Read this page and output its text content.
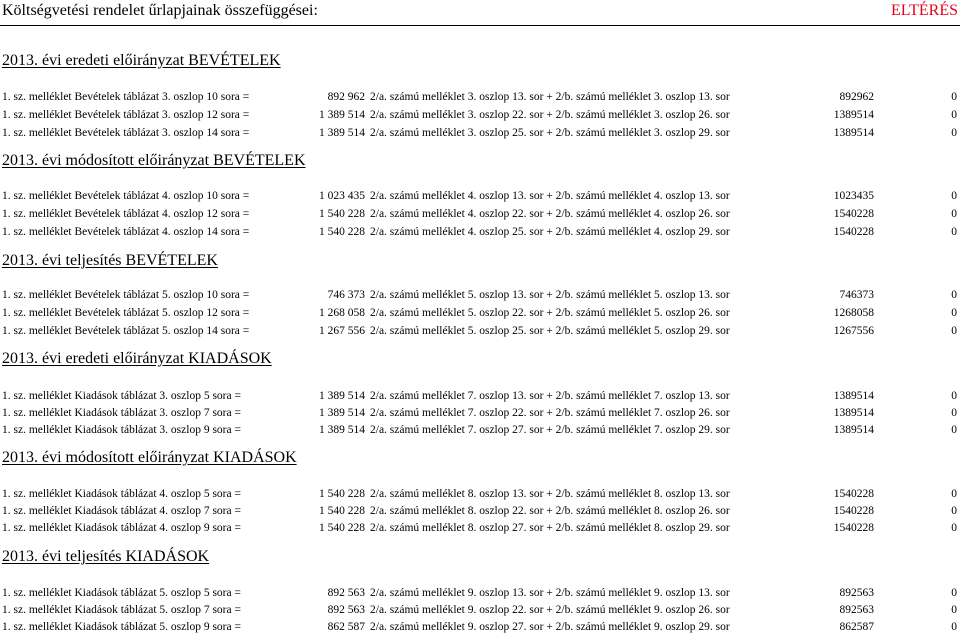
Költségvetési rendelet űrlapjainak összefüggései:	ELTÉRÉS
2013. évi eredeti előirányzat BEVÉTELEK
1. sz. melléklet Bevételek táblázat 3. oszlop 10 sora =	892 962 2/a. számú melléklet 3. oszlop 13. sor + 2/b. számú melléklet 3. oszlop 13. sor	892962	0
1. sz. melléklet Bevételek táblázat 3. oszlop 12 sora =	1 389 514 2/a. számú melléklet 3. oszlop 22. sor + 2/b. számú melléklet 3. oszlop 26. sor	1389514	0
1. sz. melléklet Bevételek táblázat 3. oszlop 14 sora =	1 389 514 2/a. számú melléklet 3. oszlop 25. sor + 2/b. számú melléklet 3. oszlop 29. sor	1389514	0
2013. évi módosított előirányzat BEVÉTELEK
1. sz. melléklet Bevételek táblázat 4. oszlop 10 sora =	1 023 435 2/a. számú melléklet 4. oszlop 13. sor + 2/b. számú melléklet 4. oszlop 13. sor	1023435	0
1. sz. melléklet Bevételek táblázat 4. oszlop 12 sora =	1 540 228 2/a. számú melléklet 4. oszlop 22. sor + 2/b. számú melléklet 4. oszlop 26. sor	1540228	0
1. sz. melléklet Bevételek táblázat 4. oszlop 14 sora =	1 540 228 2/a. számú melléklet 4. oszlop 25. sor + 2/b. számú melléklet 4. oszlop 29. sor	1540228	0
2013. évi teljesítés BEVÉTELEK
1. sz. melléklet Bevételek táblázat 5. oszlop 10 sora =	746 373 2/a. számú melléklet 5. oszlop 13. sor + 2/b. számú melléklet 5. oszlop 13. sor	746373	0
1. sz. melléklet Bevételek táblázat 5. oszlop 12 sora =	1 268 058 2/a. számú melléklet 5. oszlop 22. sor + 2/b. számú melléklet 5. oszlop 26. sor	1268058	0
1. sz. melléklet Bevételek táblázat 5. oszlop 14 sora =	1 267 556 2/a. számú melléklet 5. oszlop 25. sor + 2/b. számú melléklet 5. oszlop 29. sor	1267556	0
2013. évi eredeti előirányzat KIADÁSOK
1. sz. melléklet Kiadások táblázat 3. oszlop 5 sora =	1 389 514 2/a. számú melléklet 7. oszlop 13. sor + 2/b. számú melléklet 7. oszlop 13. sor	1389514	0
1. sz. melléklet Kiadások táblázat 3. oszlop 7 sora =	1 389 514 2/a. számú melléklet 7. oszlop 22. sor + 2/b. számú melléklet 7. oszlop 26. sor	1389514	0
1. sz. melléklet Kiadások táblázat 3. oszlop 9 sora =	1 389 514 2/a. számú melléklet 7. oszlop 27. sor + 2/b. számú melléklet 7. oszlop 29. sor	1389514	0
2013. évi módosított előirányzat KIADÁSOK
1. sz. melléklet Kiadások táblázat 4. oszlop 5 sora =	1 540 228 2/a. számú melléklet 8. oszlop 13. sor + 2/b. számú melléklet 8. oszlop 13. sor	1540228	0
1. sz. melléklet Kiadások táblázat 4. oszlop 7 sora =	1 540 228 2/a. számú melléklet 8. oszlop 22. sor + 2/b. számú melléklet 8. oszlop 26. sor	1540228	0
1. sz. melléklet Kiadások táblázat 4. oszlop 9 sora =	1 540 228 2/a. számú melléklet 8. oszlop 27. sor + 2/b. számú melléklet 8. oszlop 29. sor	1540228	0
2013. évi teljesítés KIADÁSOK
1. sz. melléklet Kiadások táblázat 5. oszlop 5 sora =	892 563 2/a. számú melléklet 9. oszlop 13. sor + 2/b. számú melléklet 9. oszlop 13. sor	892563	0
1. sz. melléklet Kiadások táblázat 5. oszlop 7 sora =	892 563 2/a. számú melléklet 9. oszlop 22. sor + 2/b. számú melléklet 9. oszlop 26. sor	892563	0
1. sz. melléklet Kiadások táblázat 5. oszlop 9 sora =	862 587 2/a. számú melléklet 9. oszlop 27. sor + 2/b. számú melléklet 9. oszlop 29. sor	862587	0
